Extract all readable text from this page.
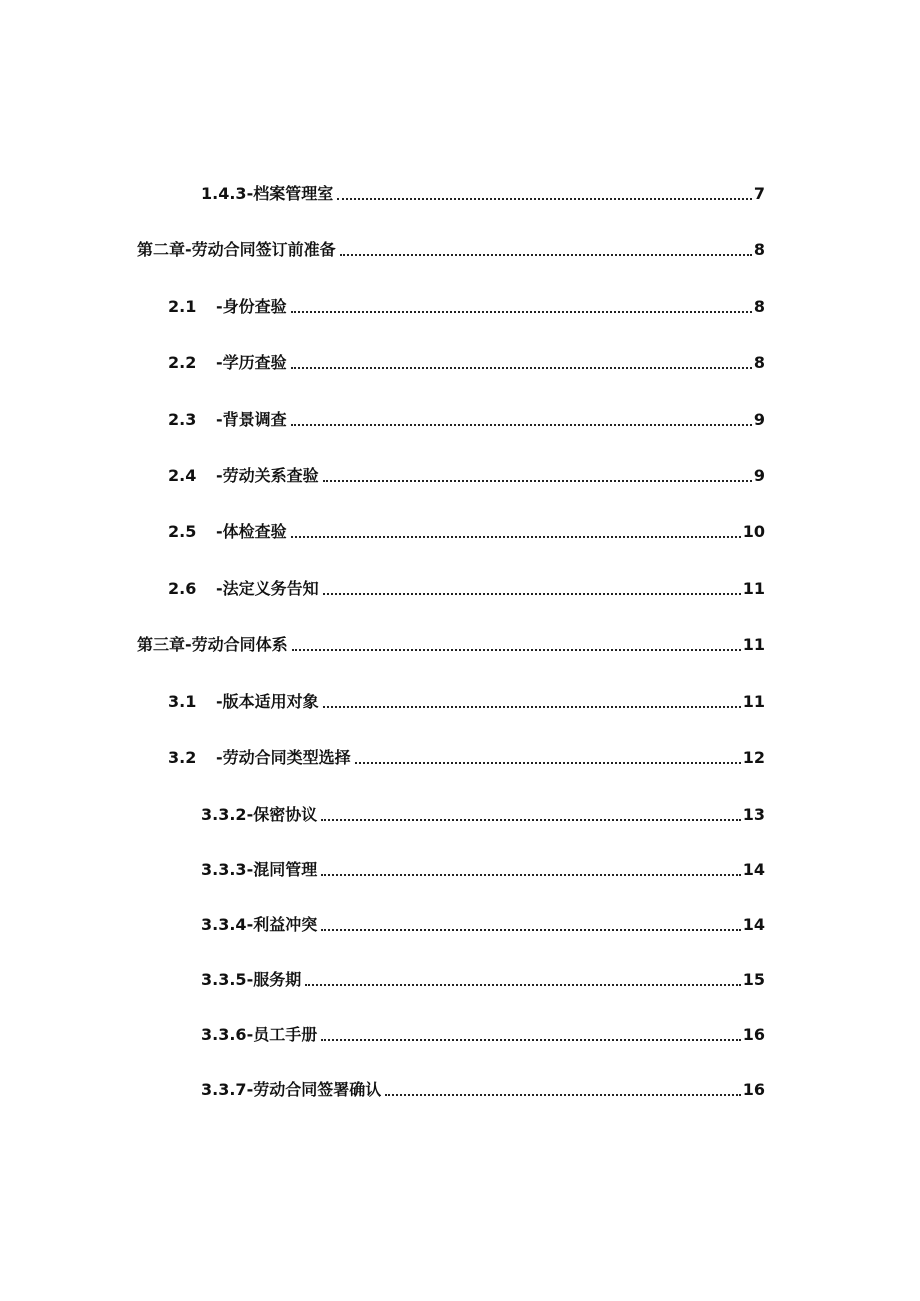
1.4.3 -档案管理室	7
第二章-劳动合同签订前准备	8
2.1	-身份查验	8
2.2	-学历查验	8
2.3	-背景调查	9
2.4	-劳动关系查验	9
2.5	-体检查验	10
2.6	-法定义务告知	11
第三章-劳动合同体系	11
3.1	-版本适用对象	11
3.2	-劳动合同类型选择	12
3.3.2 -保密协议	13
3.3.3 -混同管理	14
3.3.4 -利益冲突	14
3.3.5 -服务期	15
3.3.6 -员工手册	16
3.3.7 -劳动合同签署确认	16
